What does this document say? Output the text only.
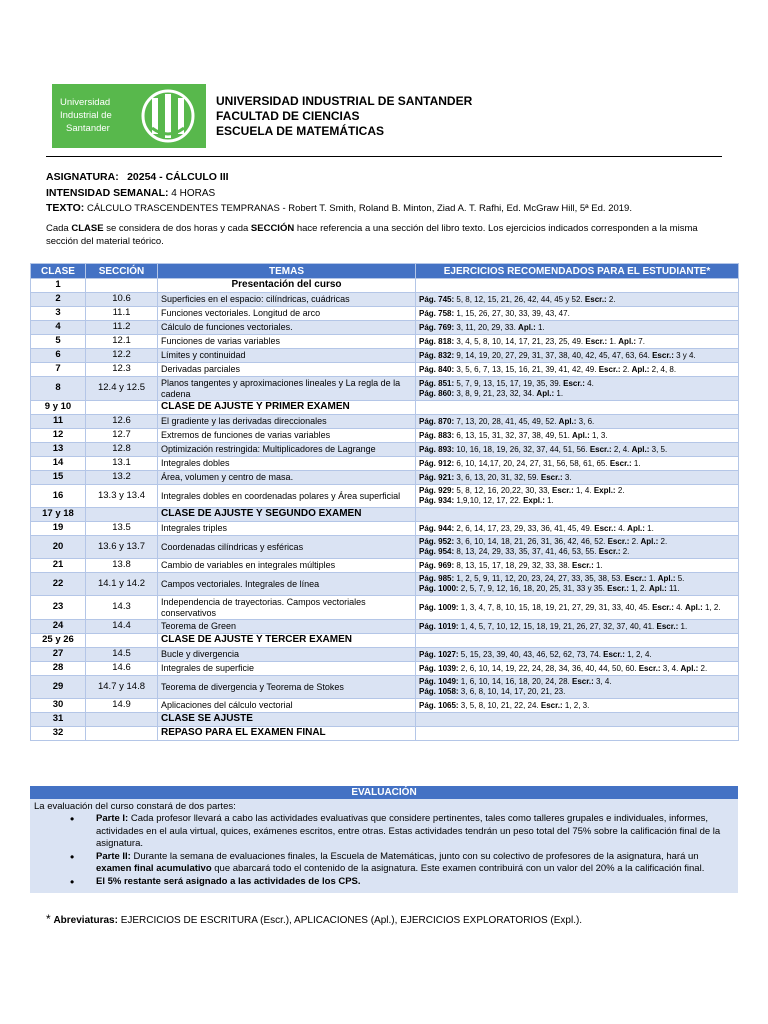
Universidad
Industrial de
Santander
UNIVERSIDAD INDUSTRIAL DE SANTANDER
FACULTAD DE CIENCIAS
ESCUELA DE MATEMÁTICAS
ASIGNATURA: 20254 - CÁLCULO III
INTENSIDAD SEMANAL: 4 HORAS
TEXTO: CÁLCULO TRASCENDENTES TEMPRANAS - Robert T. Smith, Roland B. Minton, Ziad A. T. Rafhi, Ed. McGraw Hill, 5ª Ed. 2019.
Cada CLASE se considera de dos horas y cada SECCIÓN hace referencia a una sección del libro texto. Los ejercicios indicados corresponden a la misma sección del material teórico.
CLASE	SECCIÓN	TEMAS	EJERCICIOS RECOMENDADOS PARA EL ESTUDIANTE*
1		Presentación del curso	
2	10.6	Superficies en el espacio: cilíndricas, cuádricas	Pág. 745: 5, 8, 12, 15, 21, 26, 42, 44, 45 y 52. Escr.: 2.
3	11.1	Funciones vectoriales. Longitud de arco	Pág. 758: 1, 15, 26, 27, 30, 33, 39, 43, 47.
4	11.2	Cálculo de funciones vectoriales.	Pág. 769: 3, 11, 20, 29, 33. Apl.: 1.
5	12.1	Funciones de varias variables	Pág. 818: 3, 4, 5, 8, 10, 14, 17, 21, 23, 25, 49. Escr.: 1. Apl.: 7.
6	12.2	Límites y continuidad	Pág. 832: 9, 14, 19, 20, 27, 29, 31, 37, 38, 40, 42, 45, 47, 63, 64. Escr.: 3 y 4.
7	12.3	Derivadas parciales	Pág. 840: 3, 5, 6, 7, 13, 15, 16, 21, 39, 41, 42, 49. Escr.: 2. Apl.: 2, 4, 8.
8	12.4 y 12.5	Planos tangentes y aproximaciones lineales y La regla de la cadena	Pág. 851: 5, 7, 9, 13, 15, 17, 19, 35, 39. Escr.: 4.
Pág. 860: 3, 8, 9, 21, 23, 32, 34. Apl.: 1.
9 y 10		CLASE DE AJUSTE Y PRIMER EXAMEN	
11	12.6	El gradiente y las derivadas direccionales	Pág. 870: 7, 13, 20, 28, 41, 45, 49, 52. Apl.: 3, 6.
12	12.7	Extremos de funciones de varias variables	Pág. 883: 6, 13, 15, 31, 32, 37, 38, 49, 51. Apl.: 1, 3.
13	12.8	Optimización restringida: Multiplicadores de Lagrange	Pág. 893: 10, 16, 18, 19, 26, 32, 37, 44, 51, 56. Escr.: 2, 4. Apl.: 3, 5.
14	13.1	Integrales dobles	Pág. 912: 6, 10, 14,17, 20, 24, 27, 31, 56, 58, 61, 65. Escr.: 1.
15	13.2	Área, volumen y centro de masa.	Pág. 921: 3, 6, 13, 20, 31, 32, 59. Escr.: 3.
16	13.3 y 13.4	Integrales dobles en coordenadas polares y Área superficial	Pág. 929: 5, 8, 12, 16, 20,22, 30, 33, Escr.: 1, 4. Expl.: 2.
Pág. 934: 1,9,10, 12, 17, 22. Expl.: 1.
17 y 18		CLASE DE AJUSTE Y SEGUNDO EXAMEN	
19	13.5	Integrales triples	Pág. 944: 2, 6, 14, 17, 23, 29, 33, 36, 41, 45, 49. Escr.: 4. Apl.: 1.
20	13.6 y 13.7	Coordenadas cilíndricas y esféricas	Pág. 952: 3, 6, 10, 14, 18, 21, 26, 31, 36, 42, 46, 52. Escr.: 2. Apl.: 2.
Pág. 954: 8, 13, 24, 29, 33, 35, 37, 41, 46, 53, 55. Escr.: 2.
21	13.8	Cambio de variables en integrales múltiples	Pág. 969: 8, 13, 15, 17, 18, 29, 32, 33, 38. Escr.: 1.
22	14.1 y 14.2	Campos vectoriales. Integrales de línea	Pág. 985: 1, 2, 5, 9, 11, 12, 20, 23, 24, 27, 33, 35, 38, 53. Escr.: 1. Apl.: 5.
Pág. 1000: 2, 5, 7, 9, 12, 16, 18, 20, 25, 31, 33 y 35. Escr.: 1, 2. Apl.: 11.
23	14.3	Independencia de trayectorias. Campos vectoriales conservativos	Pág. 1009: 1, 3, 4, 7, 8, 10, 15, 18, 19, 21, 27, 29, 31, 33, 40, 45. Escr.: 4. Apl.: 1, 2.
24	14.4	Teorema de Green	Pág. 1019: 1, 4, 5, 7, 10, 12, 15, 18, 19, 21, 26, 27, 32, 37, 40, 41. Escr.: 1.
25 y 26		CLASE DE AJUSTE Y TERCER EXAMEN	
27	14.5	Bucle y divergencia	Pág. 1027: 5, 15, 23, 39, 40, 43, 46, 52, 62, 73, 74. Escr.: 1, 2, 4.
28	14.6	Integrales de superficie	Pág. 1039: 2, 6, 10, 14, 19, 22, 24, 28, 34, 36, 40, 44, 50, 60. Escr.: 3, 4. Apl.: 2.
29	14.7 y 14.8	Teorema de divergencia y Teorema de Stokes	Pág. 1049: 1, 6, 10, 14, 16, 18, 20, 24, 28. Escr.: 3, 4.
Pág. 1058: 3, 6, 8, 10, 14, 17, 20, 21, 23.
30	14.9	Aplicaciones del cálculo vectorial	Pág. 1065: 3, 5, 8, 10, 21, 22, 24. Escr.: 1, 2, 3.
31		CLASE SE AJUSTE	
32		REPASO PARA EL EXAMEN FINAL	
EVALUACIÓN
La evaluación del curso constará de dos partes:
• Parte I: Cada profesor llevará a cabo las actividades evaluativas que considere pertinentes, tales como talleres grupales e individuales, informes, actividades en el aula virtual, quices, exámenes escritos, entre otras. Estas actividades tendrán un peso total del 75% sobre la calificación final de la asignatura.
• Parte II: Durante la semana de evaluaciones finales, la Escuela de Matemáticas, junto con su colectivo de profesores de la asignatura, hará un examen final acumulativo que abarcará todo el contenido de la asignatura. Este examen contribuirá con un valor del 20% a la calificación final.
• El 5% restante será asignado a las actividades de los CPS.
* Abreviaturas: EJERCICIOS DE ESCRITURA (Escr.), APLICACIONES (Apl.), EJERCICIOS EXPLORATORIOS (Expl.).
